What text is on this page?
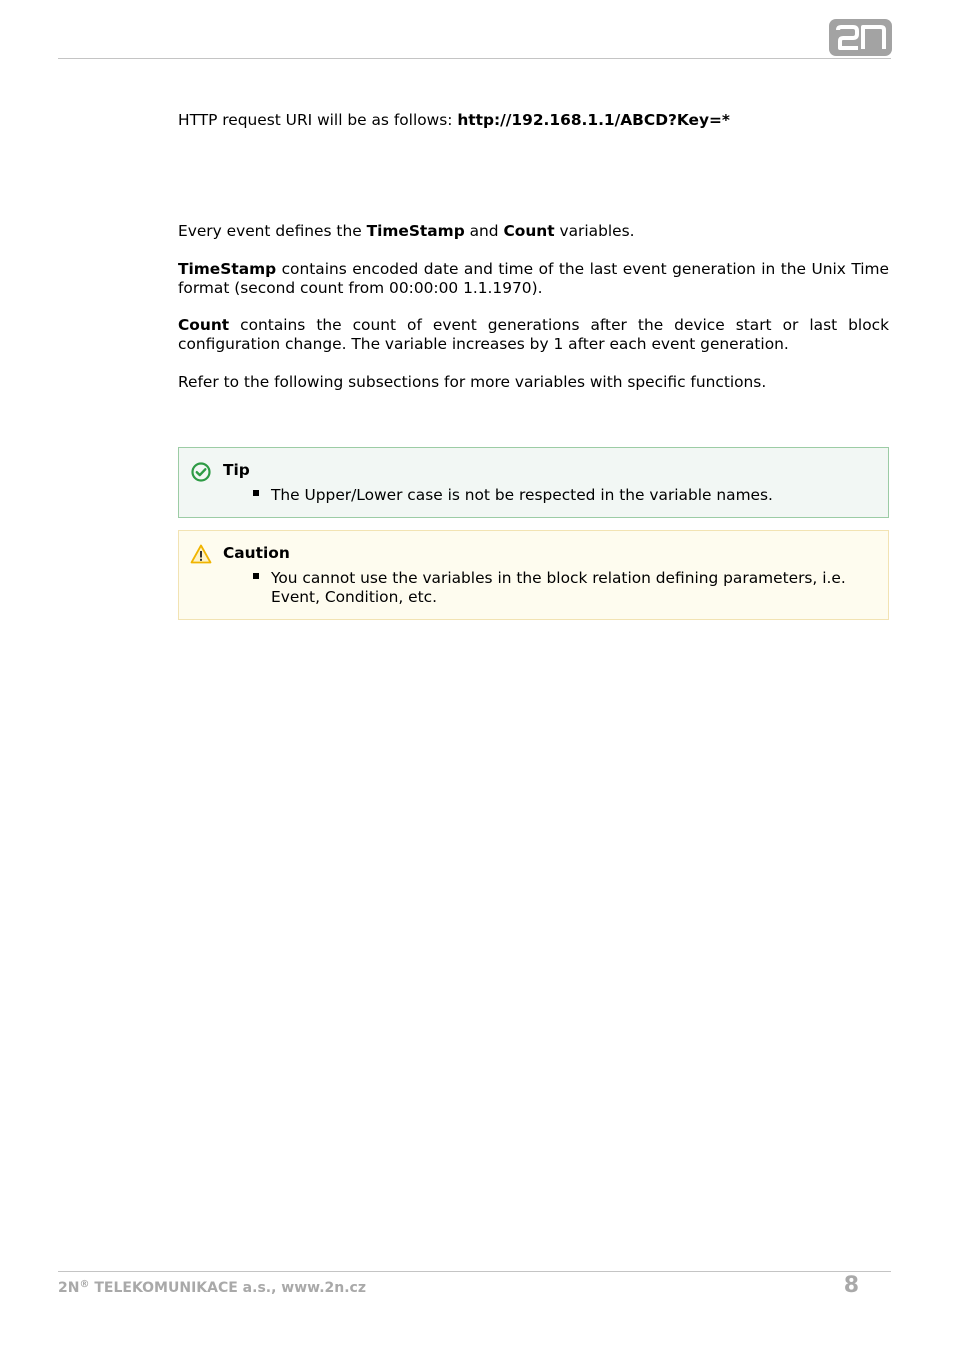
HTTP request URI will be as follows: http://192.168.1.1/ABCD?Key=*

Every event defines the TimeStamp and Count variables.

TimeStamp contains encoded date and time of the last event generation in the Unix Time format (second count from 00:00:00 1.1.1970).

Count contains the count of event generations after the device start or last block configuration change. The variable increases by 1 after each event generation.

Refer to the following subsections for more variables with specific functions.

Tip
The Upper/Lower case is not be respected in the variable names.
Caution
You cannot use the variables in the block relation defining parameters, i.e. Event, Condition, etc.
2N® TELEKOMUNIKACE a.s., www.2n.cz	8
